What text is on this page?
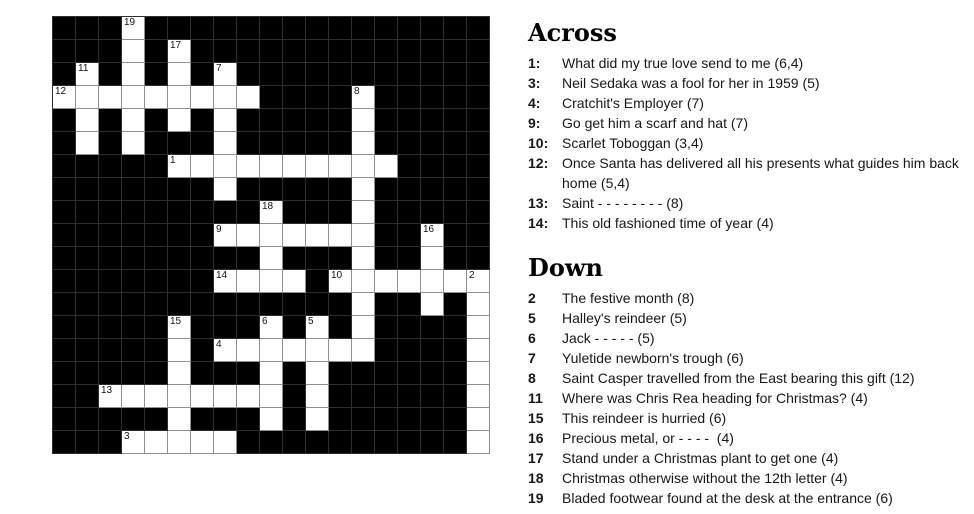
19
17
11	7
12	8
1
18
9	16
14	10	2
15	6	5
4
13
3
Across
1:	What did my true love send to me (6,4)
3:	Neil Sedaka was a fool for her in 1959 (5)
4:	Cratchit's Employer (7)
9:	Go get him a scarf and hat (7)
10: Scarlet Toboggan (3,4)
12: Once Santa has delivered all his presents what guides him back home (5,4)
13: Saint - - - - - - - - (8)
14: This old fashioned time of year (4)
Down
2	The festive month (8)
5	Halley's reindeer (5)
6	Jack - - - - - (5)
7	Yuletide newborn's trough (6)
8	Saint Casper travelled from the East bearing this gift (12)
11	Where was Chris Rea heading for Christmas? (4)
15	This reindeer is hurried (6)
16	Precious metal, or - - - -  (4)
17	Stand under a Christmas plant to get one (4)
18	Christmas otherwise without the 12th letter (4)
19	Bladed footwear found at the desk at the entrance (6)
